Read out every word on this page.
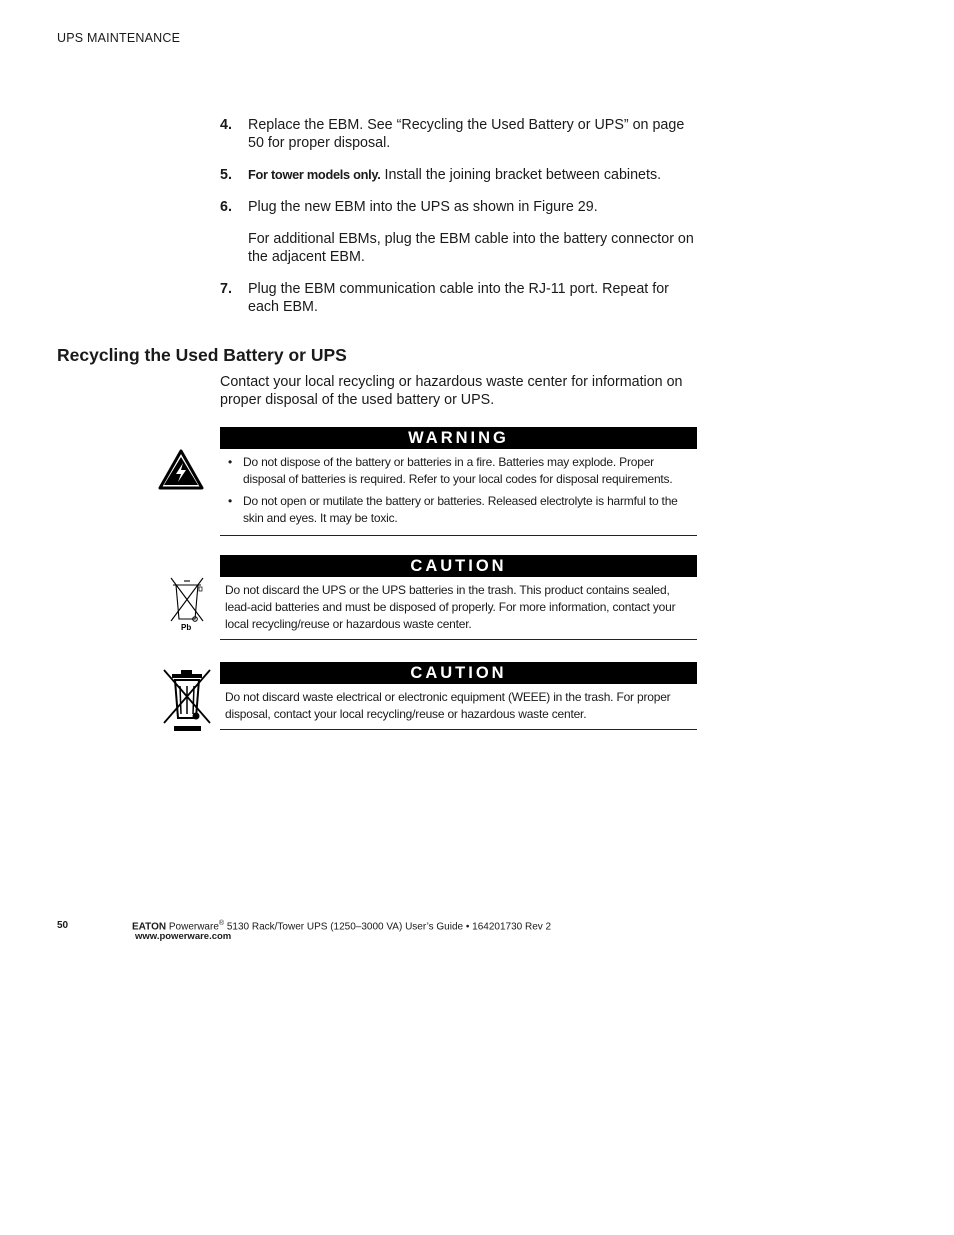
UPS MAINTENANCE
4. Replace the EBM. See “Recycling the Used Battery or UPS” on page 50 for proper disposal.
5. For tower models only. Install the joining bracket between cabinets.
6. Plug the new EBM into the UPS as shown in Figure 29.
For additional EBMs, plug the EBM cable into the battery connector on the adjacent EBM.
7. Plug the EBM communication cable into the RJ-11 port. Repeat for each EBM.
Recycling the Used Battery or UPS

Contact your local recycling or hazardous waste center for information on proper disposal of the used battery or UPS.

WARNING
• Do not dispose of the battery or batteries in a fire. Batteries may explode. Proper disposal of batteries is required. Refer to your local codes for disposal requirements.
• Do not open or mutilate the battery or batteries. Released electrolyte is harmful to the skin and eyes. It may be toxic.
Pb
CAUTION

Do not discard the UPS or the UPS batteries in the trash. This product contains sealed, lead-acid batteries and must be disposed of properly. For more information, contact your local recycling/reuse or hazardous waste center.

CAUTION

Do not discard waste electrical or electronic equipment (WEEE) in the trash. For proper disposal, contact your local recycling/reuse or hazardous waste center.

50	EATON Powerware® 5130 Rack/Tower UPS (1250–3000 VA) User’s Guide • 164201730 Rev 2
www.powerware.com
